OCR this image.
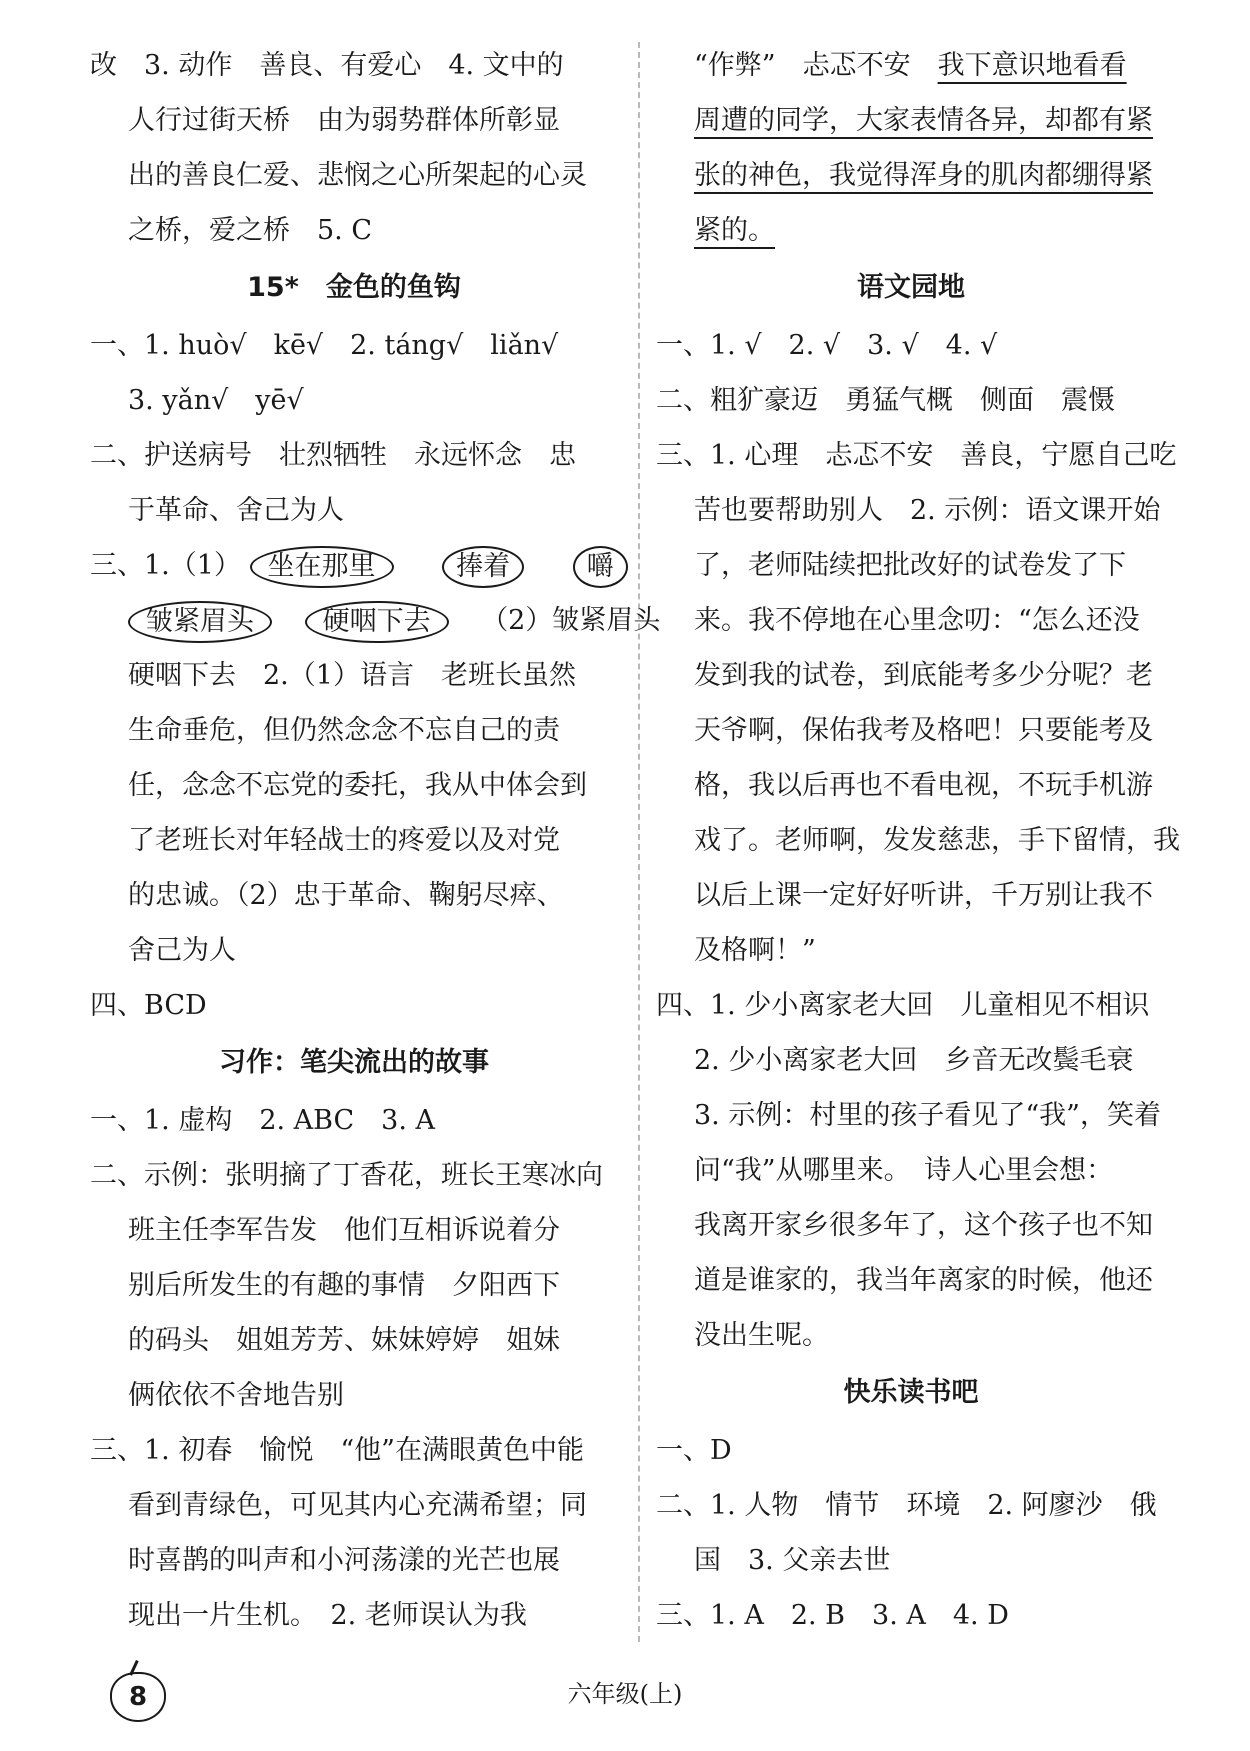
改　3. 动作　善良、有爱心　4. 文中的
人行过街天桥　由为弱势群体所彰显
出的善良仁爱、悲悯之心所架起的心灵
之桥，爱之桥　5. C
15*　金色的鱼钩
一、1. huò√　kē√　2. táng√　liǎn√
3. yǎn√　yē√
二、护送病号　壮烈牺牲　永远怀念　忠
于革命、舍己为人
三、1.（1） 坐在那里	捧着	嚼
皱紧眉头	硬咽下去 （2）皱紧眉头
硬咽下去　2.（1）语言　老班长虽然
生命垂危，但仍然念念不忘自己的责
任，念念不忘党的委托，我从中体会到
了老班长对年轻战士的疼爱以及对党
的忠诚。（2）忠于革命、鞠躬尽瘁、
舍己为人
四、BCD
习作：笔尖流出的故事
一、1. 虚构　2. ABC　3. A
二、示例：张明摘了丁香花，班长王寒冰向
班主任李军告发　他们互相诉说着分
别后所发生的有趣的事情　夕阳西下
的码头　姐姐芳芳、妹妹婷婷　姐妹
俩依依不舍地告别
三、1. 初春　愉悦　“他”在满眼黄色中能
看到青绿色，可见其内心充满希望；同
时喜鹊的叫声和小河荡漾的光芒也展
现出一片生机。　2. 老师误认为我
“作弊”　忐忑不安　我下意识地看看
周遭的同学，大家表情各异，却都有紧
张的神色，我觉得浑身的肌肉都绷得紧
紧的。
语文园地
一、1. √　2. √　3. √　4. √
二、粗犷豪迈　勇猛气概　侧面　震慑
三、1. 心理　忐忑不安　善良，宁愿自己吃
苦也要帮助别人　2. 示例：语文课开始
了，老师陆续把批改好的试卷发了下
来。我不停地在心里念叨：“怎么还没
发到我的试卷，到底能考多少分呢？老
天爷啊，保佑我考及格吧！只要能考及
格，我以后再也不看电视，不玩手机游
戏了。老师啊，发发慈悲，手下留情，我
以后上课一定好好听讲，千万别让我不
及格啊！”
四、1. 少小离家老大回　儿童相见不相识
2. 少小离家老大回　乡音无改鬓毛衰
3. 示例：村里的孩子看见了“我”，笑着
问“我”从哪里来。　诗人心里会想：
我离开家乡很多年了，这个孩子也不知
道是谁家的，我当年离家的时候，他还
没出生呢。
快乐读书吧
一、D
二、1. 人物　情节　环境　2. 阿廖沙　俄
国　3. 父亲去世
三、1. A　2. B　3. A　4. D
8	六年级(上)
